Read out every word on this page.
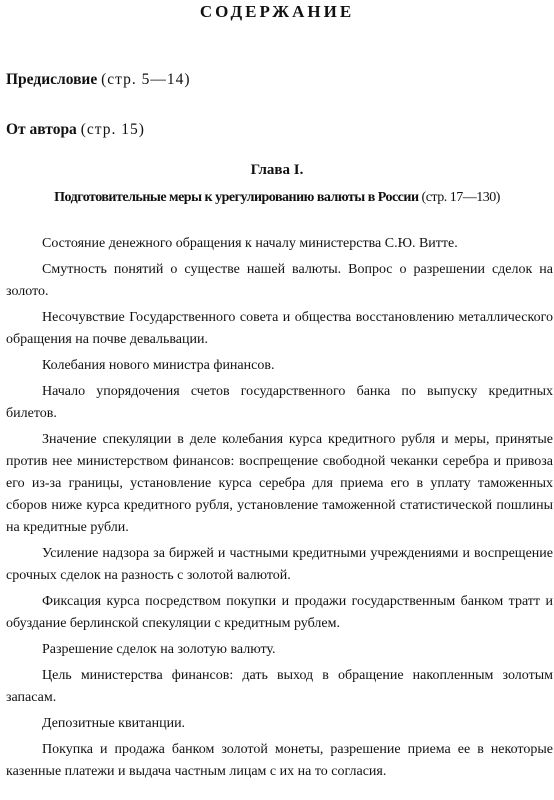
СОДЕРЖАНИЕ
Предисловие (стр. 5—14)
От автора (стр. 15)
Глава I.
Подготовительные меры к урегулированию валюты в России (стр. 17—130)

Состояние денежного обращения к началу министерства С.Ю. Витте.

Смутность понятий о существе нашей валюты. Вопрос о разрешении сделок на золото.

Несочувствие Государственного совета и общества восстановлению металлического обращения на почве девальвации.

Колебания нового министра финансов.

Начало упорядочения счетов государственного банка по выпуску кредитных билетов.

Значение спекуляции в деле колебания курса кредитного рубля и меры, принятые против нее министерством финансов: воспрещение свободной чеканки серебра и привоза его из-за границы, установление курса серебра для приема его в уплату таможенных сборов ниже курса кредитного рубля, установление таможенной статистической пошлины на кредитные рубли.

Усиление надзора за биржей и частными кредитными учреждениями и воспрещение срочных сделок на разность с золотой валютой.

Фиксация курса посредством покупки и продажи государственным банком тратт и обуздание берлинской спекуляции с кредитным рублем.

Разрешение сделок на золотую валюту.

Цель министерства финансов: дать выход в обращение накопленным золотым запасам.

Депозитные квитанции.

Покупка и продажа банком золотой монеты, разрешение приема ее в некоторые казенные платежи и выдача частным лицам с их на то согласия.
